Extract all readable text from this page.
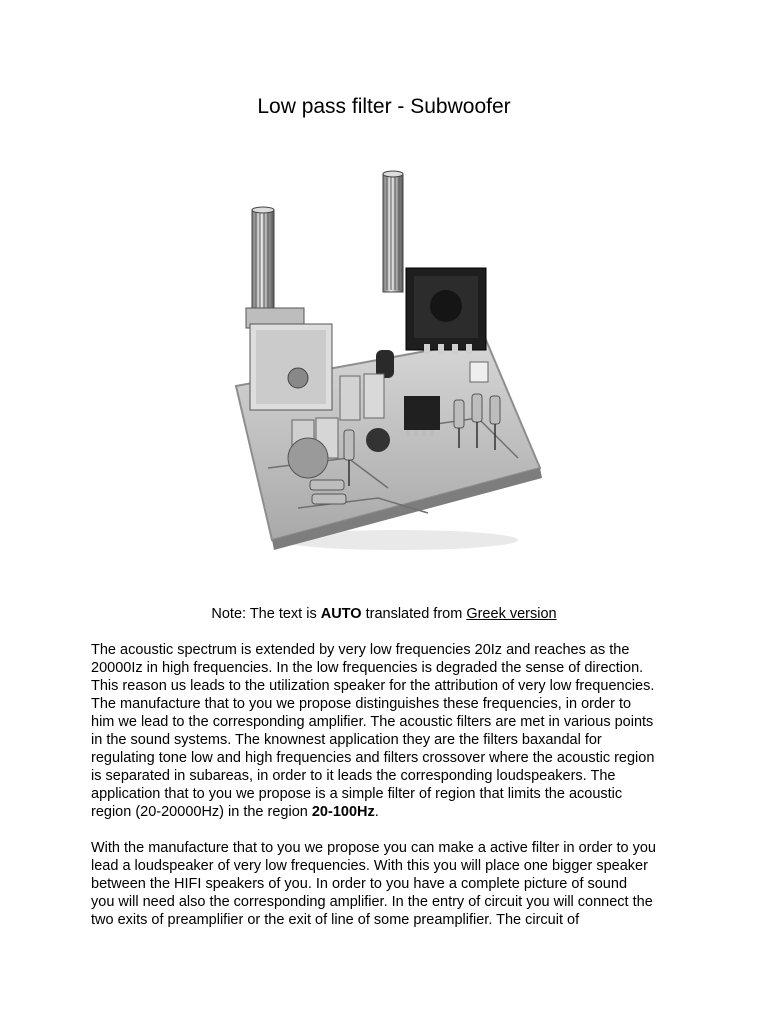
Low pass filter - Subwoofer
Note: The text is AUTO translated from Greek version

The acoustic spectrum is extended by very low frequencies 20Iz and reaches as the
20000Iz in high frequencies. In the low frequencies is degraded the sense of direction.
This reason us leads to the utilization speaker for the attribution of very low frequencies.
The manufacture that to you we propose distinguishes these frequencies, in order to
him we lead to the corresponding amplifier. The acoustic filters are met in various points
in the sound systems. The knownest application they are the filters baxandal for
regulating tone low and high frequencies and filters crossover where the acoustic region
is separated in subareas, in order to it leads the corresponding loudspeakers. The
application that to you we propose is a simple filter of region that limits the acoustic
region (20-20000Hz) in the region 20-100Hz.

With the manufacture that to you we propose you can make a active filter in order to you
lead a loudspeaker of very low frequencies. With this you will place one bigger speaker
between the HIFI speakers of you. In order to you have a complete picture of sound
you will need also the corresponding amplifier. In the entry of circuit you will connect the
two exits of preamplifier or the exit of line of some preamplifier. The circuit of
